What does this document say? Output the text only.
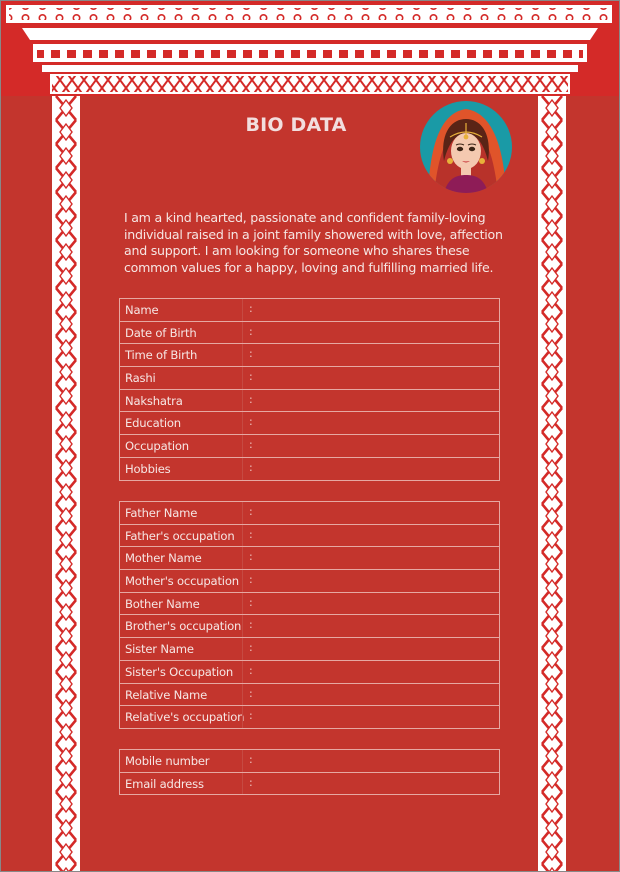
BIO DATA
I am a kind hearted, passionate and confident family-loving individual raised in a joint family showered with love, affection and support. I am looking for someone who shares these common values for a happy, loving and fulfilling married life.
Name	:
Date of Birth	:
Time of Birth	:
Rashi	:
Nakshatra	:
Education	:
Occupation	:
Hobbies	:
Father Name	:
Father's occupation :
Mother Name	:
Mother's occupation :
Bother Name	:
Brother's occupation :
Sister Name	:
Sister's Occupation :
Relative Name	:
Relative's occupation :
Mobile number	:
Email address	:
